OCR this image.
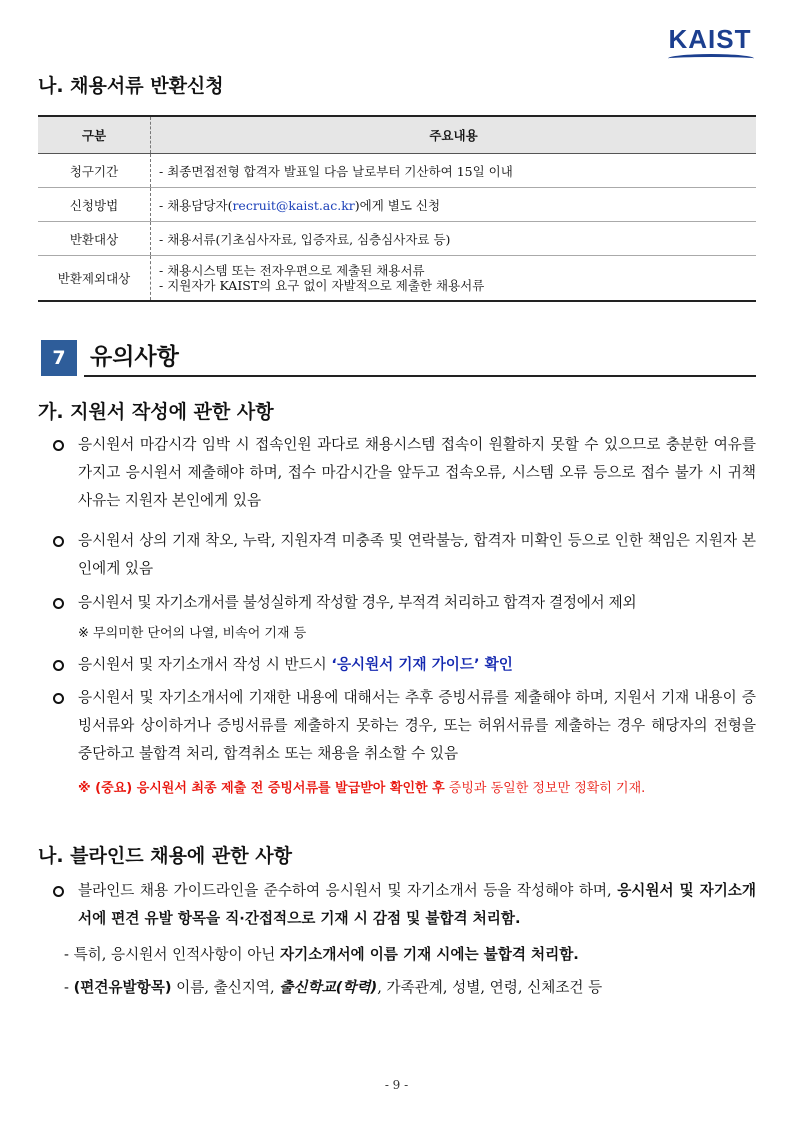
KAIST
나. 채용서류 반환신청
구분	주요내용
청구기간	- 최종면접전형 합격자 발표일 다음 날로부터 기산하여 15일 이내
신청방법	- 채용담당자(recruit@kaist.ac.kr)에게 별도 신청
반환대상	- 채용서류(기초심사자료, 입증자료, 심층심사자료 등)
반환제외대상	- 채용시스템 또는 전자우편으로 제출된 채용서류
- 지원자가 KAIST의 요구 없이 자발적으로 제출한 채용서류
7	유의사항
가. 지원서 작성에 관한 사항
응시원서 마감시각 임박 시 접속인원 과다로 채용시스템 접속이 원활하지 못할 수 있으므로 충분한 여유를 가지고 응시원서 제출해야 하며, 접수 마감시간을 앞두고 접속오류, 시스템 오류 등으로 접수 불가 시 귀책사유는 지원자 본인에게 있음
응시원서 상의 기재 착오, 누락, 지원자격 미충족 및 연락불능, 합격자 미확인 등으로 인한 책임은 지원자 본인에게 있음
응시원서 및 자기소개서를 불성실하게 작성할 경우, 부적격 처리하고 합격자 결정에서 제외
※ 무의미한 단어의 나열, 비속어 기재 등
응시원서 및 자기소개서 작성 시 반드시 ‘응시원서 기재 가이드’ 확인
응시원서 및 자기소개서에 기재한 내용에 대해서는 추후 증빙서류를 제출해야 하며, 지원서 기재 내용이 증빙서류와 상이하거나 증빙서류를 제출하지 못하는 경우, 또는 허위서류를 제출하는 경우 해당자의 전형을 중단하고 불합격 처리, 합격취소 또는 채용을 취소할 수 있음
※ (중요) 응시원서 최종 제출 전 증빙서류를 발급받아 확인한 후 증빙과 동일한 정보만 정확히 기재.
나. 블라인드 채용에 관한 사항
블라인드 채용 가이드라인을 준수하여 응시원서 및 자기소개서 등을 작성해야 하며, 응시원서 및 자기소개서에 편견 유발 항목을 직·간접적으로 기재 시 감점 및 불합격 처리함.
- 특히, 응시원서 인적사항이 아닌 자기소개서에 이름 기재 시에는 불합격 처리함.
- (편견유발항목) 이름, 출신지역, 출신학교(학력), 가족관계, 성별, 연령, 신체조건 등
- 9 -
